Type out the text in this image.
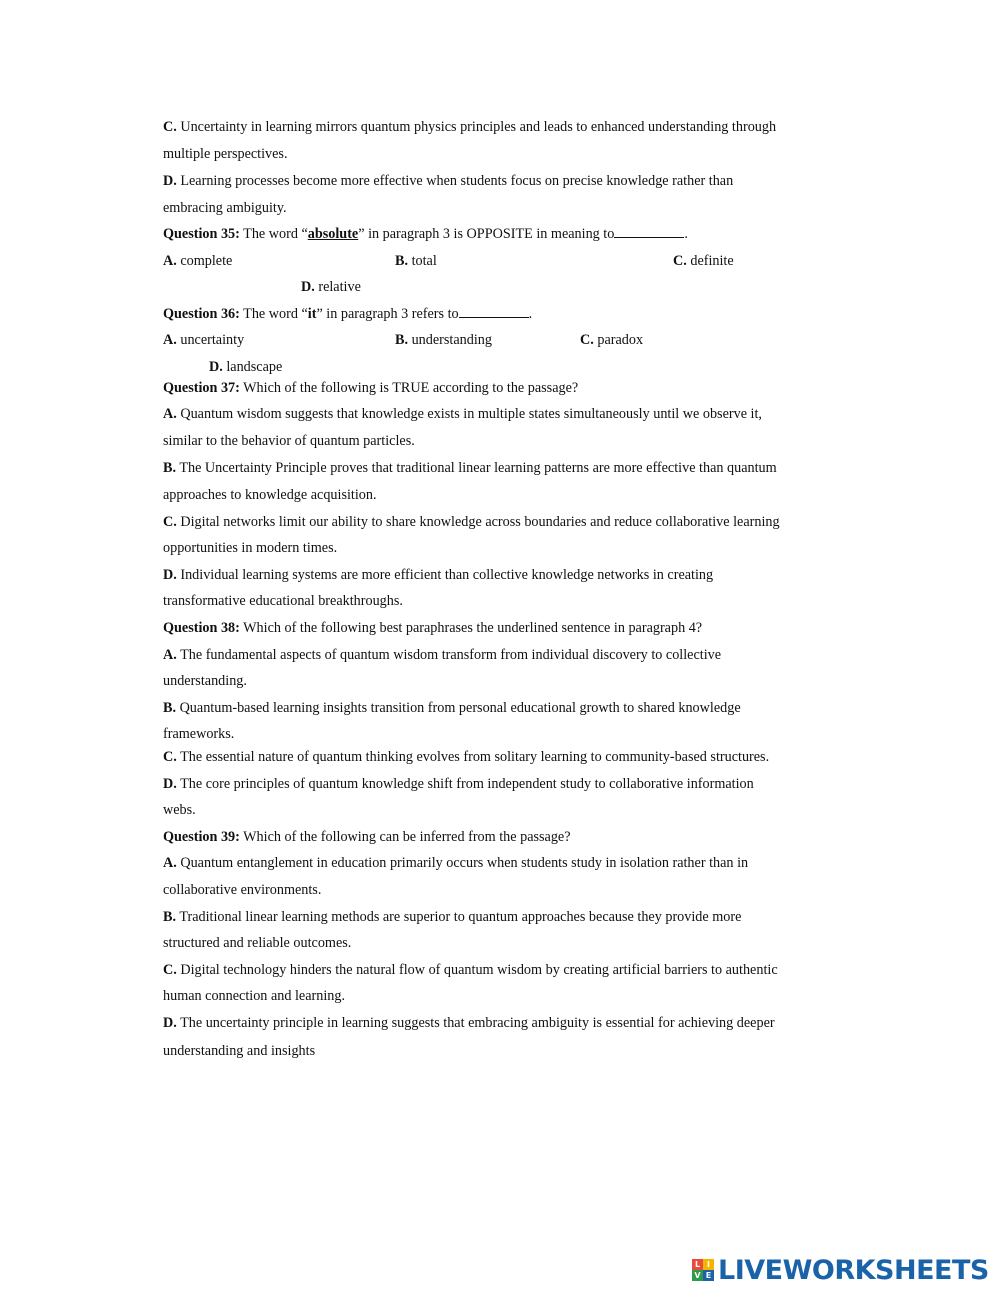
C. Uncertainty in learning mirrors quantum physics principles and leads to enhanced understanding through
multiple perspectives.
D. Learning processes become more effective when students focus on precise knowledge rather than
embracing ambiguity.
Question 35: The word “absolute” in paragraph 3 is OPPOSITE in meaning to	.
A. complete	B. total	C. definite
D. relative
Question 36: The word “it” in paragraph 3 refers to	.
A. uncertainty	B. understanding	C. paradox
D. landscape
Question 37: Which of the following is TRUE according to the passage?
A. Quantum wisdom suggests that knowledge exists in multiple states simultaneously until we observe it,
similar to the behavior of quantum particles.
B. The Uncertainty Principle proves that traditional linear learning patterns are more effective than quantum
approaches to knowledge acquisition.
C. Digital networks limit our ability to share knowledge across boundaries and reduce collaborative learning
opportunities in modern times.
D. Individual learning systems are more efficient than collective knowledge networks in creating
transformative educational breakthroughs.
Question 38: Which of the following best paraphrases the underlined sentence in paragraph 4?
A. The fundamental aspects of quantum wisdom transform from individual discovery to collective
understanding.
B. Quantum-based learning insights transition from personal educational growth to shared knowledge
frameworks.
C. The essential nature of quantum thinking evolves from solitary learning to community-based structures.
D. The core principles of quantum knowledge shift from independent study to collaborative information
webs.
Question 39: Which of the following can be inferred from the passage?
A. Quantum entanglement in education primarily occurs when students study in isolation rather than in
collaborative environments.
B. Traditional linear learning methods are superior to quantum approaches because they provide more
structured and reliable outcomes.
C. Digital technology hinders the natural flow of quantum wisdom by creating artificial barriers to authentic
human connection and learning.
D. The uncertainty principle in learning suggests that embracing ambiguity is essential for achieving deeper
understanding and insights
L I
V E LIVEWORKSHEETS
